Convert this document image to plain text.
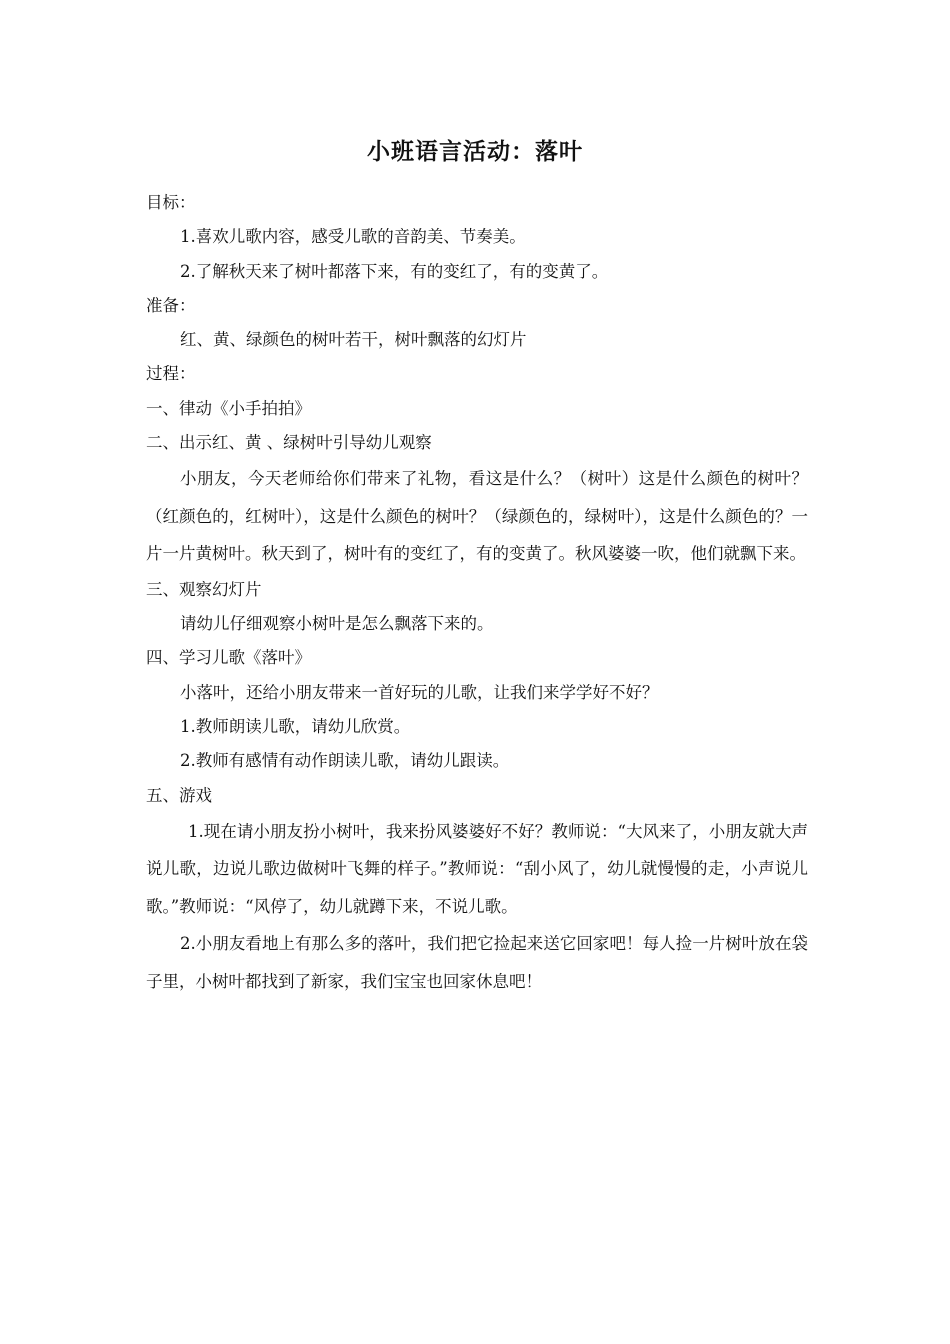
小班语言活动：落叶

目标：

1.喜欢儿歌内容，感受儿歌的音韵美、节奏美。

2.了解秋天来了树叶都落下来，有的变红了，有的变黄了。

准备：

红、黄、绿颜色的树叶若干，树叶飘落的幻灯片

过程：

一、律动《小手拍拍》

二、出示红、黄 、绿树叶引导幼儿观察

小朋友，今天老师给你们带来了礼物，看这是什么？（树叶）这是什么颜色的树叶？（红颜色的，红树叶），这是什么颜色的树叶？（绿颜色的，绿树叶），这是什么颜色的？一片一片黄树叶。秋天到了，树叶有的变红了，有的变黄了。秋风婆婆一吹，他们就飘下来。

三、观察幻灯片

请幼儿仔细观察小树叶是怎么飘落下来的。

四、学习儿歌《落叶》

小落叶，还给小朋友带来一首好玩的儿歌，让我们来学学好不好？

1.教师朗读儿歌，请幼儿欣赏。

2.教师有感情有动作朗读儿歌，请幼儿跟读。

五、游戏

1.现在请小朋友扮小树叶，我来扮风婆婆好不好？教师说：“大风来了，小朋友就大声说儿歌，边说儿歌边做树叶飞舞的样子。”教师说：“刮小风了，幼儿就慢慢的走，小声说儿歌。”教师说：“风停了，幼儿就蹲下来，不说儿歌。

2.小朋友看地上有那么多的落叶，我们把它捡起来送它回家吧！每人捡一片树叶放在袋子里，小树叶都找到了新家，我们宝宝也回家休息吧！
